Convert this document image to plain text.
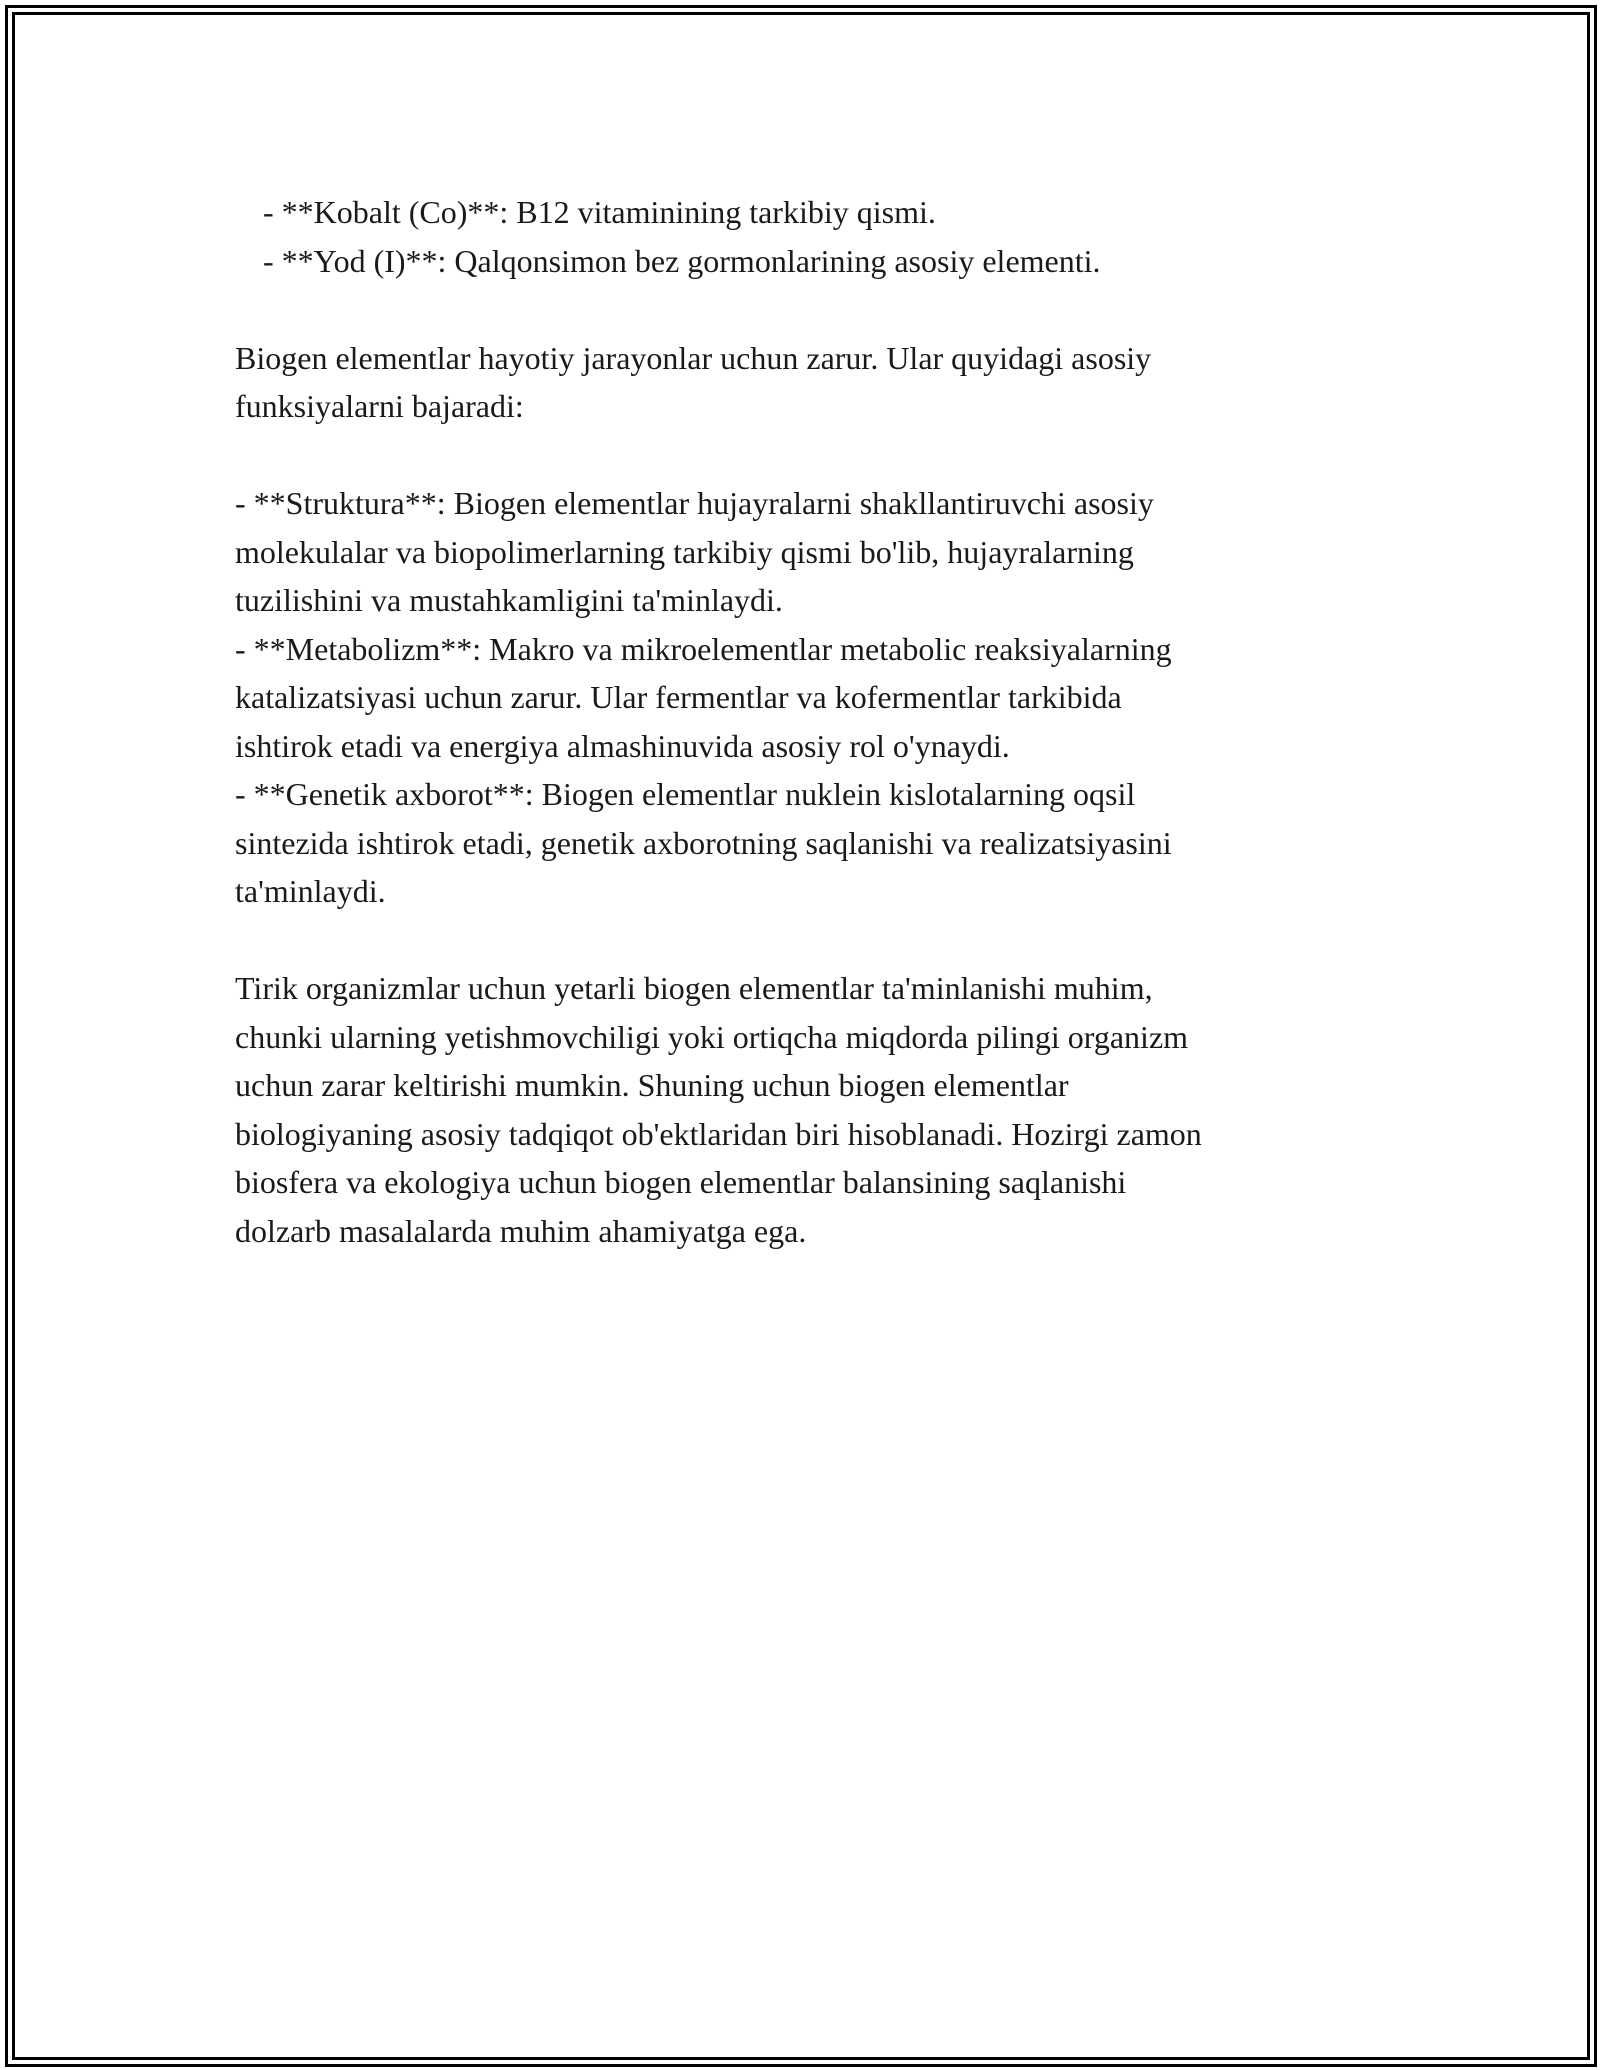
- **Kobalt (Co)**: B12 vitaminining tarkibiy qismi.
- **Yod (I)**: Qalqonsimon bez gormonlarining asosiy elementi.
Biogen elementlar hayotiy jarayonlar uchun zarur. Ular quyidagi asosiy
funksiyalarni bajaradi:
- **Struktura**: Biogen elementlar hujayralarni shakllantiruvchi asosiy
molekulalar va biopolimerlarning tarkibiy qismi bo'lib, hujayralarning
tuzilishini va mustahkamligini ta'minlaydi.
- **Metabolizm**: Makro va mikroelementlar metabolic reaksiyalarning
katalizatsiyasi uchun zarur. Ular fermentlar va kofermentlar tarkibida
ishtirok etadi va energiya almashinuvida asosiy rol o'ynaydi.
- **Genetik axborot**: Biogen elementlar nuklein kislotalarning oqsil
sintezida ishtirok etadi, genetik axborotning saqlanishi va realizatsiyasini
ta'minlaydi.
Tirik organizmlar uchun yetarli biogen elementlar ta'minlanishi muhim,
chunki ularning yetishmovchiligi yoki ortiqcha miqdorda pilingi organizm
uchun zarar keltirishi mumkin. Shuning uchun biogen elementlar
biologiyaning asosiy tadqiqot ob'ektlaridan biri hisoblanadi. Hozirgi zamon
biosfera va ekologiya uchun biogen elementlar balansining saqlanishi
dolzarb masalalarda muhim ahamiyatga ega.
